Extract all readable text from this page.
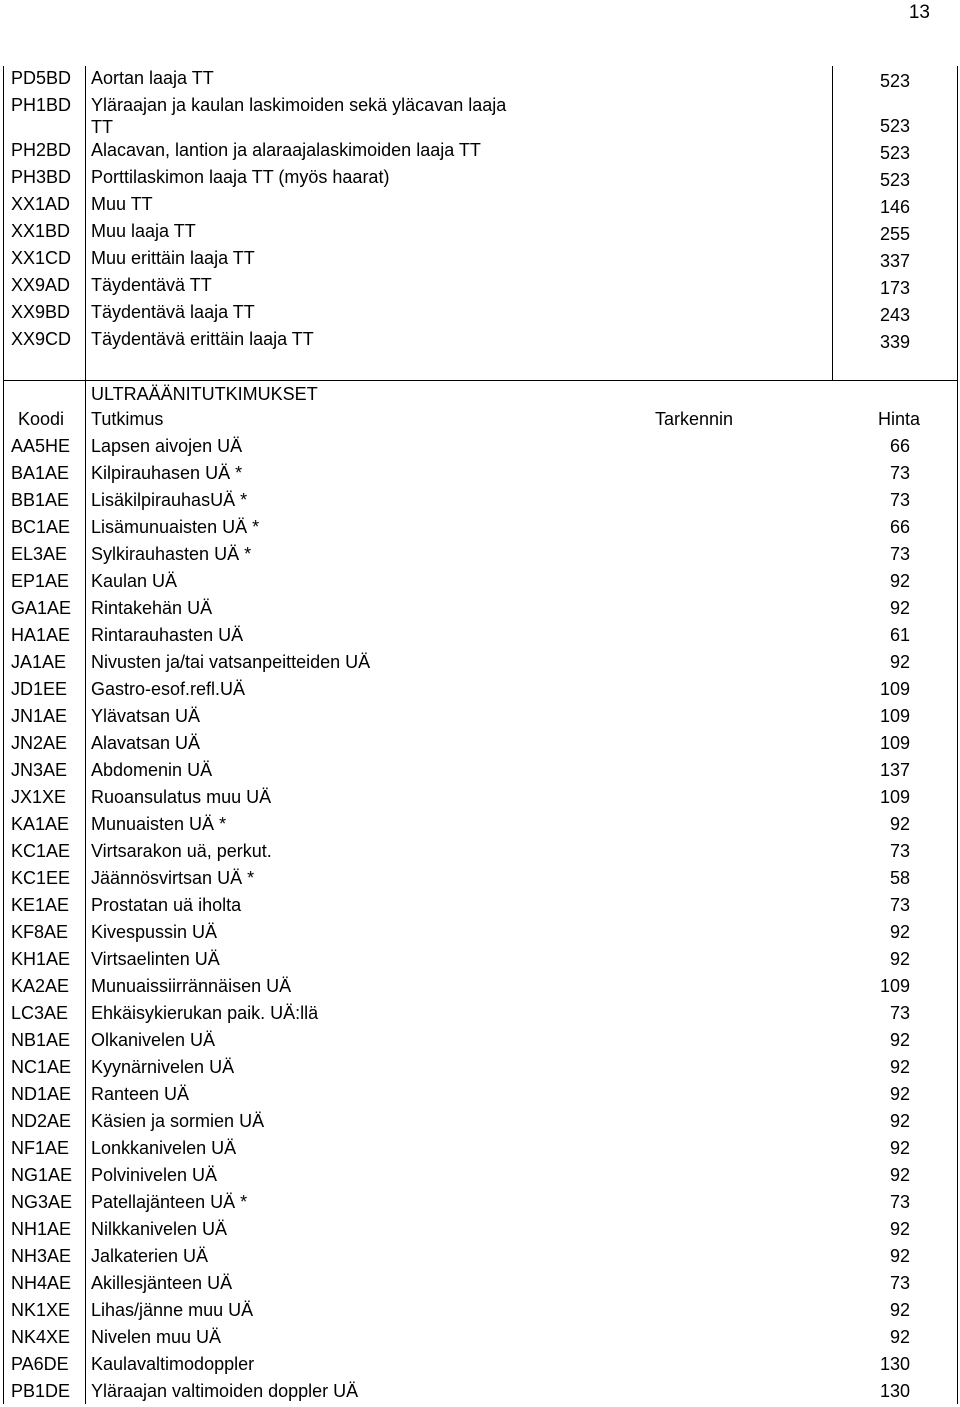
13
PD5BD Aortan laaja TT	523
PH1BD Yläraajan ja kaulan laskimoiden sekä yläcavan laaja
TT	523
PH2BD Alacavan, lantion ja alaraajalaskimoiden laaja TT	523
PH3BD Porttilaskimon laaja TT (myös haarat)	523
XX1AD Muu TT	146
XX1BD Muu laaja TT	255
XX1CD Muu erittäin laaja TT	337
XX9AD Täydentävä TT	173
XX9BD Täydentävä laaja TT	243
XX9CD Täydentävä erittäin laaja TT	339
ULTRAÄÄNITUTKIMUKSET
Koodi Tutkimus	Tarkennin	Hinta
AA5HE Lapsen aivojen UÄ	66
BA1AE Kilpirauhasen UÄ *	73
BB1AE LisäkilpirauhasUÄ *	73
BC1AE Lisämunuaisten UÄ *	66
EL3AE Sylkirauhasten UÄ *	73
EP1AE Kaulan UÄ	92
GA1AE Rintakehän UÄ	92
HA1AE Rintarauhasten UÄ	61
JA1AE Nivusten ja/tai vatsanpeitteiden UÄ	92
JD1EE Gastro-esof.refl.UÄ	109
JN1AE Ylävatsan UÄ	109
JN2AE Alavatsan UÄ	109
JN3AE Abdomenin UÄ	137
JX1XE Ruoansulatus muu UÄ	109
KA1AE Munuaisten UÄ *	92
KC1AE Virtsarakon uä, perkut.	73
KC1EE Jäännösvirtsan UÄ *	58
KE1AE Prostatan uä iholta	73
KF8AE Kivespussin UÄ	92
KH1AE Virtsaelinten UÄ	92
KA2AE Munuaissiirrännäisen UÄ	109
LC3AE Ehkäisykierukan paik. UÄ:llä	73
NB1AE Olkanivelen UÄ	92
NC1AE Kyynärnivelen UÄ	92
ND1AE Ranteen UÄ	92
ND2AE Käsien ja sormien UÄ	92
NF1AE Lonkkanivelen UÄ	92
NG1AE Polvinivelen UÄ	92
NG3AE Patellajänteen UÄ *	73
NH1AE Nilkkanivelen UÄ	92
NH3AE Jalkaterien UÄ	92
NH4AE Akillesjänteen UÄ	73
NK1XE Lihas/jänne muu UÄ	92
NK4XE Nivelen muu UÄ	92
PA6DE Kaulavaltimodoppler	130
PB1DE Yläraajan valtimoiden doppler UÄ	130
